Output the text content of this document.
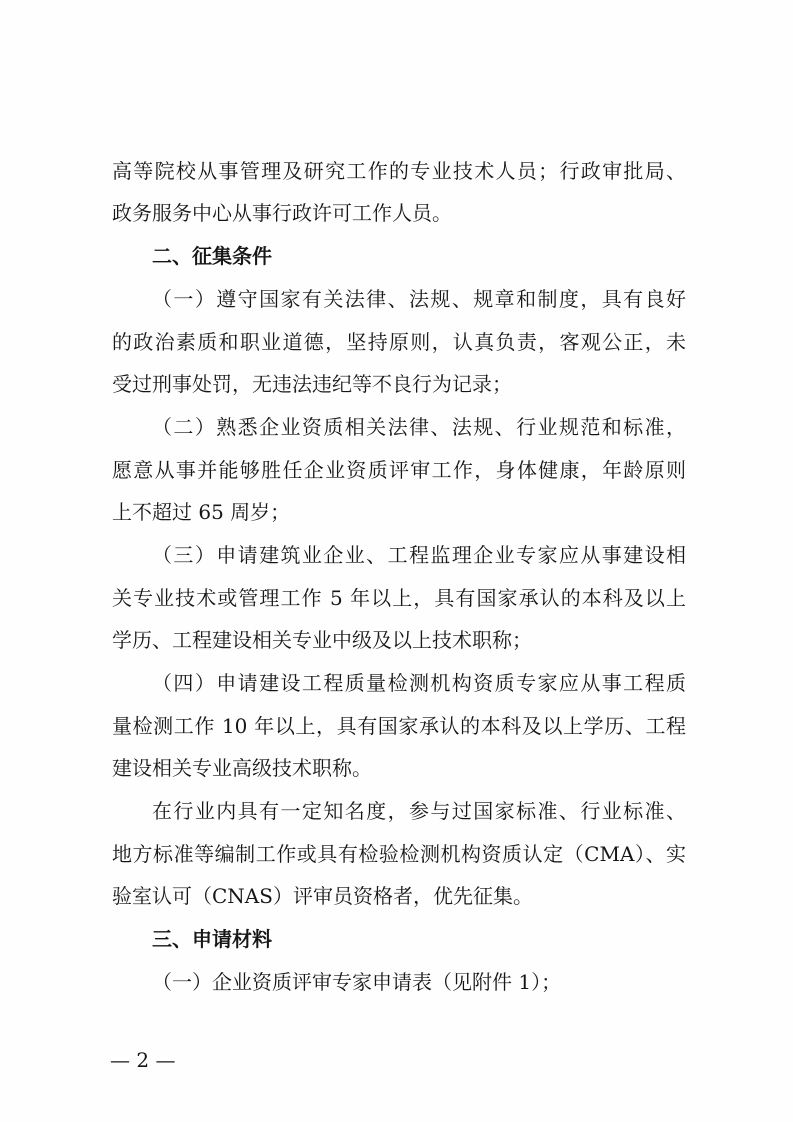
高等院校从事管理及研究工作的专业技术人员；行政审批局、
政务服务中心从事行政许可工作人员。
二、征集条件
（一）遵守国家有关法律、法规、规章和制度，具有良好
的政治素质和职业道德，坚持原则，认真负责，客观公正，未
受过刑事处罚，无违法违纪等不良行为记录；
（二）熟悉企业资质相关法律、法规、行业规范和标准，
愿意从事并能够胜任企业资质评审工作，身体健康，年龄原则
上不超过 65 周岁；
（三）申请建筑业企业、工程监理企业专家应从事建设相
关专业技术或管理工作 5 年以上，具有国家承认的本科及以上
学历、工程建设相关专业中级及以上技术职称；
（四）申请建设工程质量检测机构资质专家应从事工程质
量检测工作 10 年以上，具有国家承认的本科及以上学历、工程
建设相关专业高级技术职称。
在行业内具有一定知名度，参与过国家标准、行业标准、
地方标准等编制工作或具有检验检测机构资质认定（CMA）、实
验室认可（CNAS）评审员资格者，优先征集。
三、申请材料
（一）企业资质评审专家申请表（见附件 1）；
— 2 —
